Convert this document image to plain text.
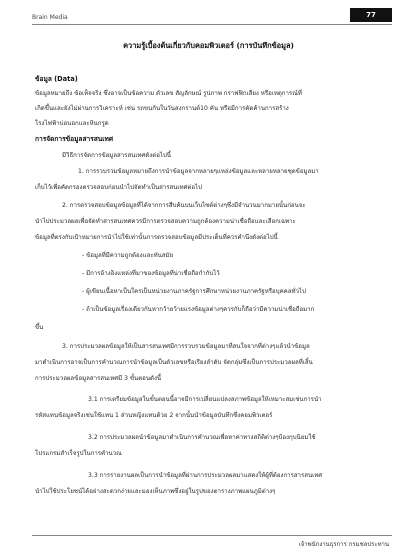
Brain Media	77
ความรู้เบื้องต้นเกี่ยวกับคอมพิวเตอร์ (การบันทึกข้อมูล)
ข้อมูล (Data)
ข้อมูลหมายถึง ข้อเท็จจริง ซึ่งอาจเป็นข้อความ ตัวเลข สัญลักษณ์ รูปภาพ กราฟฟิกเสียง หรือเหตุการณ์ที่
เกิดขึ้นและยังไม่ผ่านการวิเคราะห์ เช่น รถขนกันในวันสงกรานต์10 คัน หรือมีการคัดค้านการสร้าง
โรงไฟฟ้าบ่อนอกและหินกรูด
การจัดการข้อมูลสารสนเทศ
มีวิธีการจัดการข้อมูลสารสนเทศดังต่อไปนี้
1. การรวบรวมข้อมูลหมายถึงการนำข้อมูลจากหลายๆแหล่งข้อมูลและหลายหลายชุดข้อมูลมา
เก็บไว้เพื่อคัดกรองตรวจสอบก่อนนำไปจัดทำเป็นสารสนเทศต่อไป
2. การตรวจสอบข้อมูลข้อมูลที่ได้จากการสืบค้นบนเว็บไซต์ต่างๆซึ่งมีจำนวนมากมายนั้นก่อนจะ
นำไปประมวลผลเพื่อจัดทำสารสนเทศควรมีการตรวจสอบความถูกต้องความน่าเชื่อถือและเลือกเฉพาะ
ข้อมูลที่ตรงกับเป้าหมายการนำไปใช้เท่านั้นการตรวจสอบข้อมูลมีประเด็นที่ควรคำนึงดังต่อไปนี้
- ข้อมูลที่มีความถูกต้องและทันสมัย
- มีการอ้างอิงแหล่งที่มาของข้อมูลที่น่าเชื่อถือกำกับไว้
- ผู้เขียนเนื้อหาเป็นใครเป็นหน่วยงานภาครัฐการศึกษาหน่วยงานภาครัฐหรือบุคคลทั่วไป
- ถ้าเป็นข้อมูลเรื่องเดียวกันหากว้ายว้ายแรงข้อมูลต่างๆควรกับก็ถือว่ามีความน่าเชื่อถือมาก
ขึ้น
3. การประมวลผลข้อมูลให้เป็นสารสนเทศมีการรวบรวมข้อมูลมาที่สนใจจากที่ต่างๆแล้วนำข้อมูล
มาดำเนินการอาจเป็นการคำนวณการนำข้อมูลเป็นตัวเลขหรือเรียงลำดับ จัดกลุ่มซึ่งเป็นการประมวลผลที่เสิ้น
การประมวลผลข้อมูลสารสนเทศมี 3 ขั้นตอนดังนี้
3.1 การเตรียมข้อมูลในขั้นตอนนี้อาจมีการเปลี่ยนแปลงสภาพข้อมูลให้เหมาะสมเช่นการนำ
รหัสแทนข้อมูลจริงเช่นใช้แทน 1 ส่วนหญิงแทนด้วย 2 จากนั้นนำข้อมูลบันทึกซึ่งคอมพิวเตอร์
3.2 การประมวลผลนำข้อมูลมาดำเนินการคำนวณเพื่อหาค่าทางสถิติต่างๆป้องกุบนิยมใช้
โปรแกรมสำเร็จรูปในการคำนวณ
3.3 การรายงานผลเป็นการนำข้อมูลที่ผ่านการประมวลผลมาแสดงให้ผู้ที่ต้องการสารสนเทศ
นำไปใช้ประโยชน์ได้อย่างสะดวกง่ายและมองเห็นภาพซึ่งอยู่ในรูปของตารางภาพแผนภูมิต่างๆ
เจ้าพนักงานธุรการ กรมชลประทาน
